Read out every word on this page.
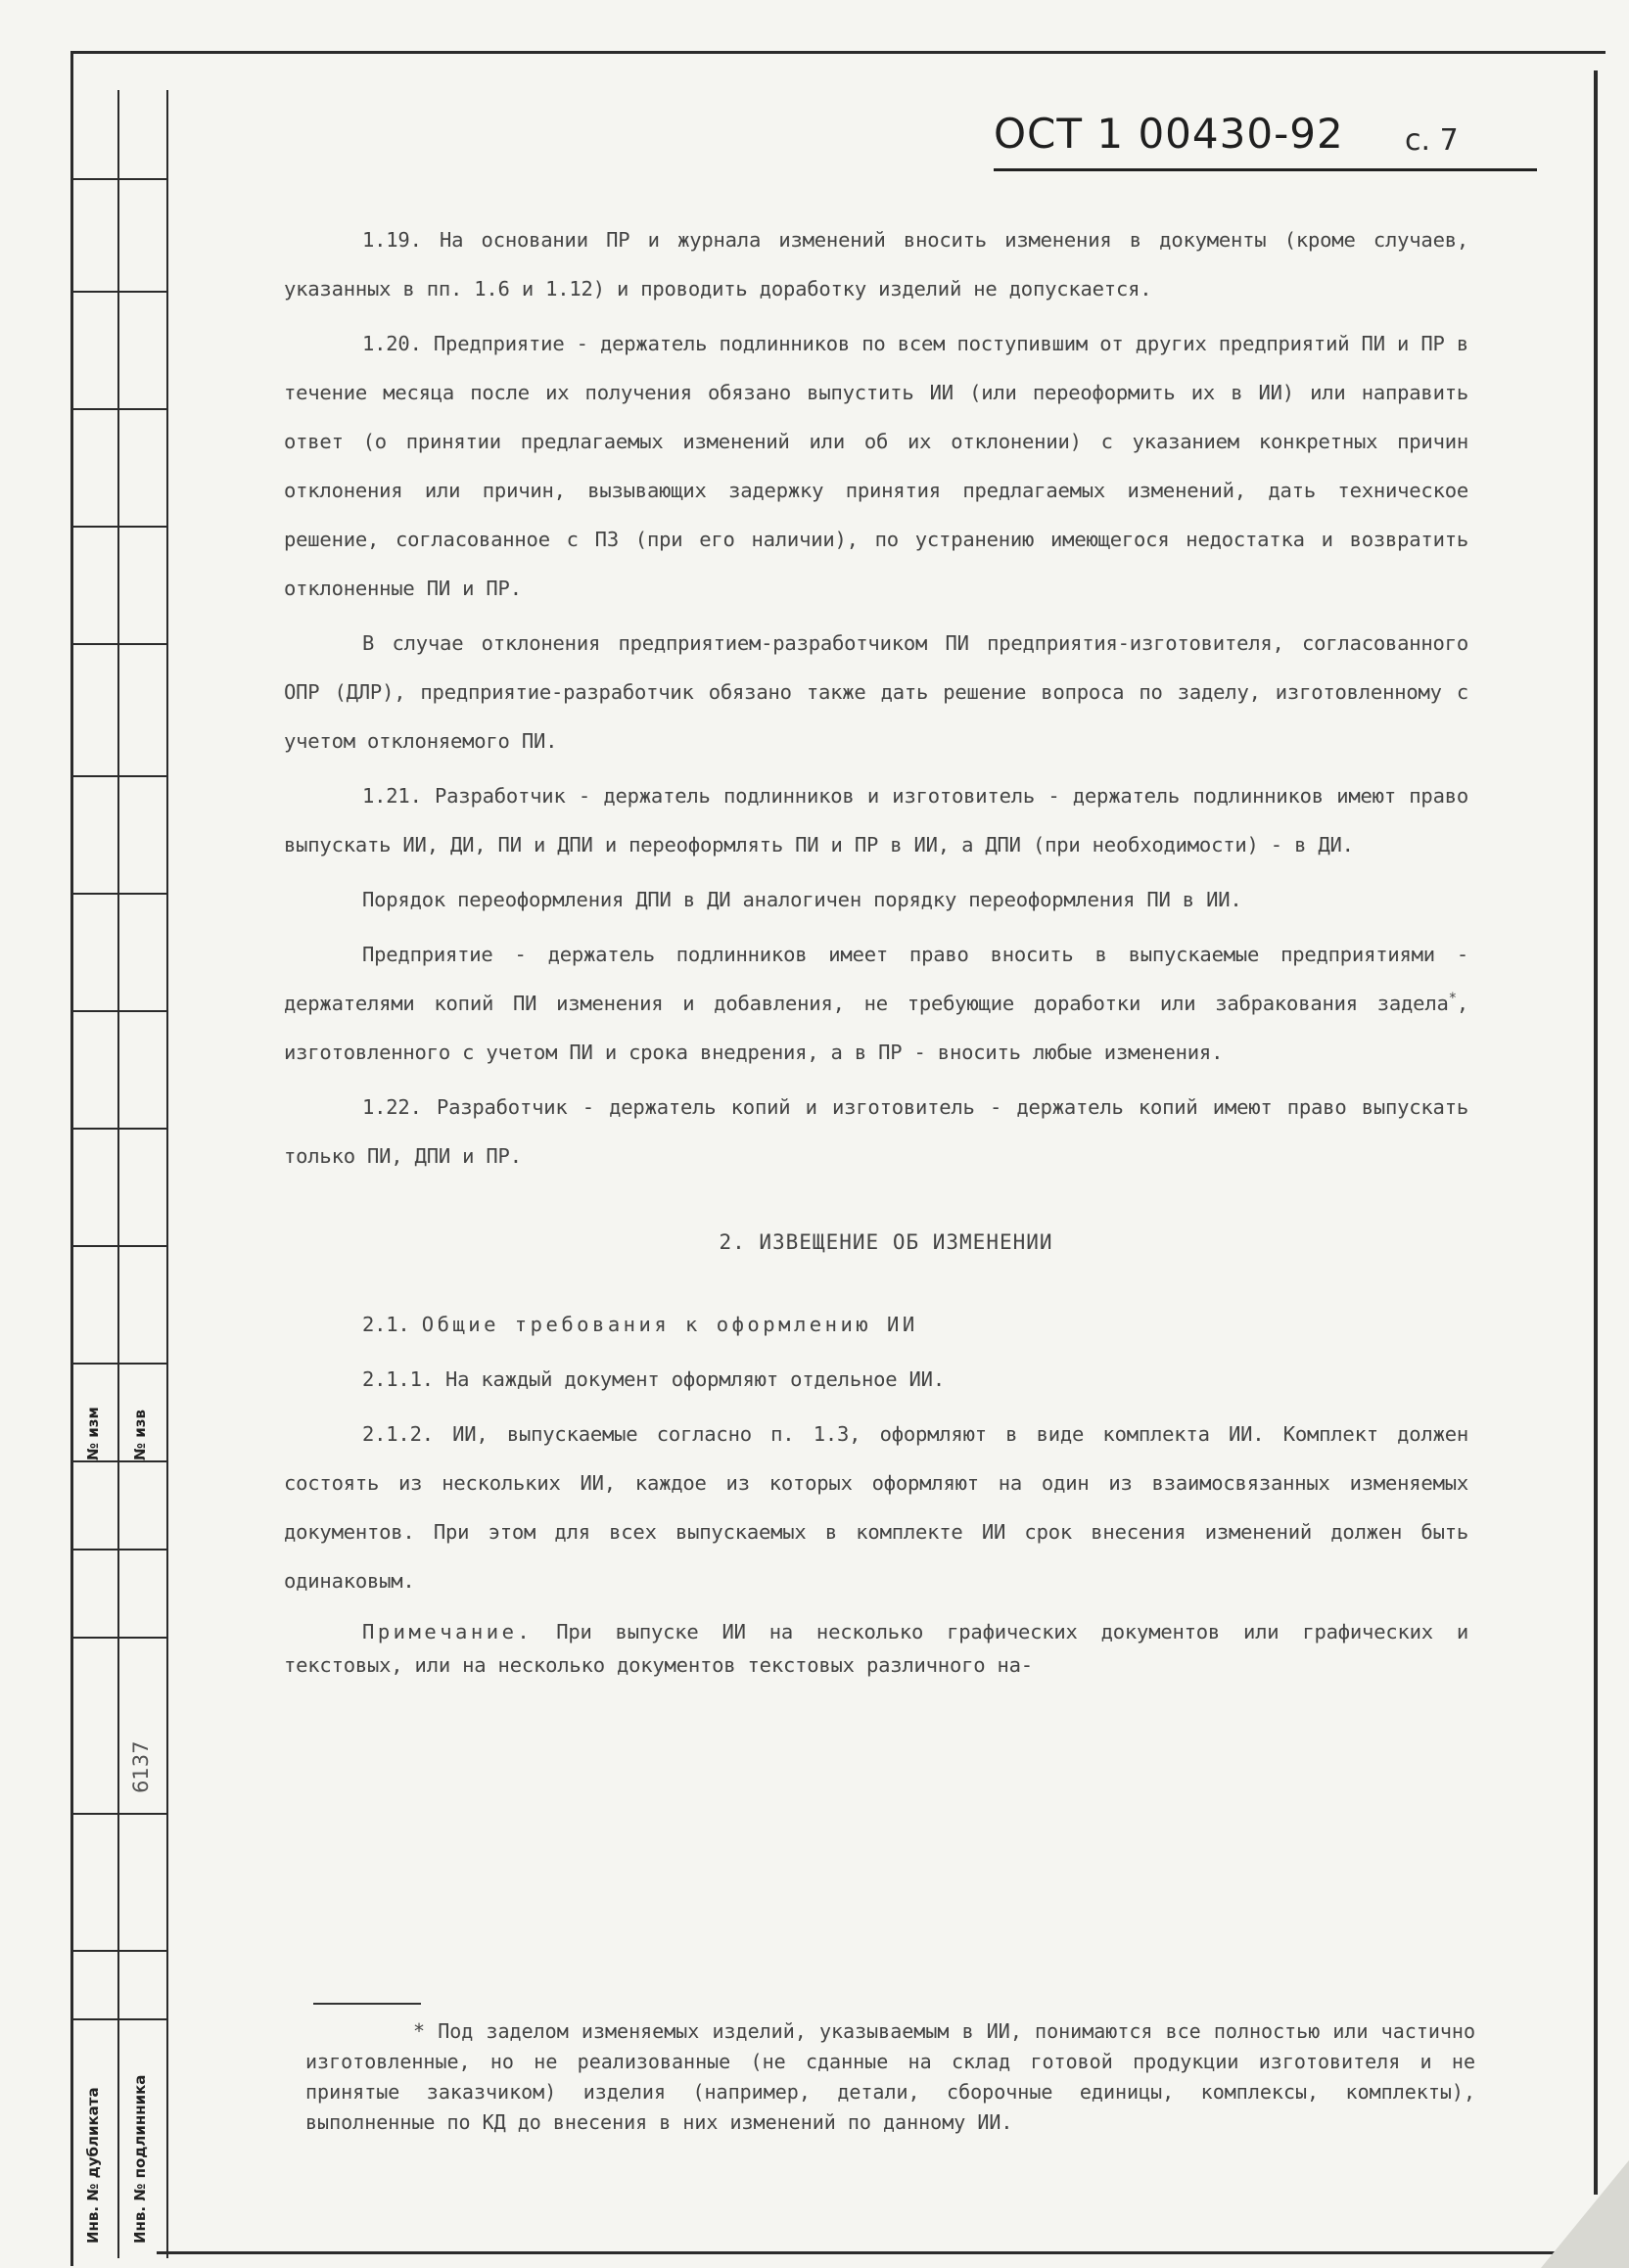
№ изм № изв
6137
Инв. № дубликата Инв. № подлинника
ОСТ 1 00430-92 с. 7

1.19. На основании ПР и журнала изменений вносить изменения в документы (кроме случаев, указанных в пп. 1.6 и 1.12) и проводить доработку изделий не допускается.

1.20. Предприятие - держатель подлинников по всем поступившим от других предприятий ПИ и ПР в течение месяца после их получения обязано выпустить ИИ (или переоформить их в ИИ) или направить ответ (о принятии предлагаемых изменений или об их отклонении) с указанием конкретных причин отклонения или причин, вызывающих задержку принятия предлагаемых изменений, дать техническое решение, согласованное с ПЗ (при его наличии), по устранению имеющегося недостатка и возвратить отклоненные ПИ и ПР.

В случае отклонения предприятием-разработчиком ПИ предприятия-изготовителя, согласованного ОПР (ДЛР), предприятие-разработчик обязано также дать решение вопроса по заделу, изготовленному с учетом отклоняемого ПИ.

1.21. Разработчик - держатель подлинников и изготовитель - держатель подлинников имеют право выпускать ИИ, ДИ, ПИ и ДПИ и переоформлять ПИ и ПР в ИИ, а ДПИ (при необходимости) - в ДИ.

Порядок переоформления ДПИ в ДИ аналогичен порядку переоформления ПИ в ИИ.

Предприятие - держатель подлинников имеет право вносить в выпускаемые предприятиями - держателями копий ПИ изменения и добавления, не требующие доработки или забракования задела*, изготовленного с учетом ПИ и срока внедрения, а в ПР - вносить любые изменения.

1.22. Разработчик - держатель копий и изготовитель - держатель копий имеют право выпускать только ПИ, ДПИ и ПР.

2. ИЗВЕЩЕНИЕ ОБ ИЗМЕНЕНИИ

2.1. Общие требования к оформлению ИИ

2.1.1. На каждый документ оформляют отдельное ИИ.

2.1.2. ИИ, выпускаемые согласно п. 1.3, оформляют в виде комплекта ИИ. Комплект должен состоять из нескольких ИИ, каждое из которых оформляют на один из взаимосвязанных изменяемых документов. При этом для всех выпускаемых в комплекте ИИ срок внесения изменений должен быть одинаковым.

Примечание. При выпуске ИИ на несколько графических документов или графических и текстовых, или на несколько документов текстовых различного на-

* Под заделом изменяемых изделий, указываемым в ИИ, понимаются все полностью или частично изготовленные, но не реализованные (не сданные на склад готовой продукции изготовителя и не принятые заказчиком) изделия (например, детали, сборочные единицы, комплексы, комплекты), выполненные по КД до внесения в них изменений по данному ИИ.
